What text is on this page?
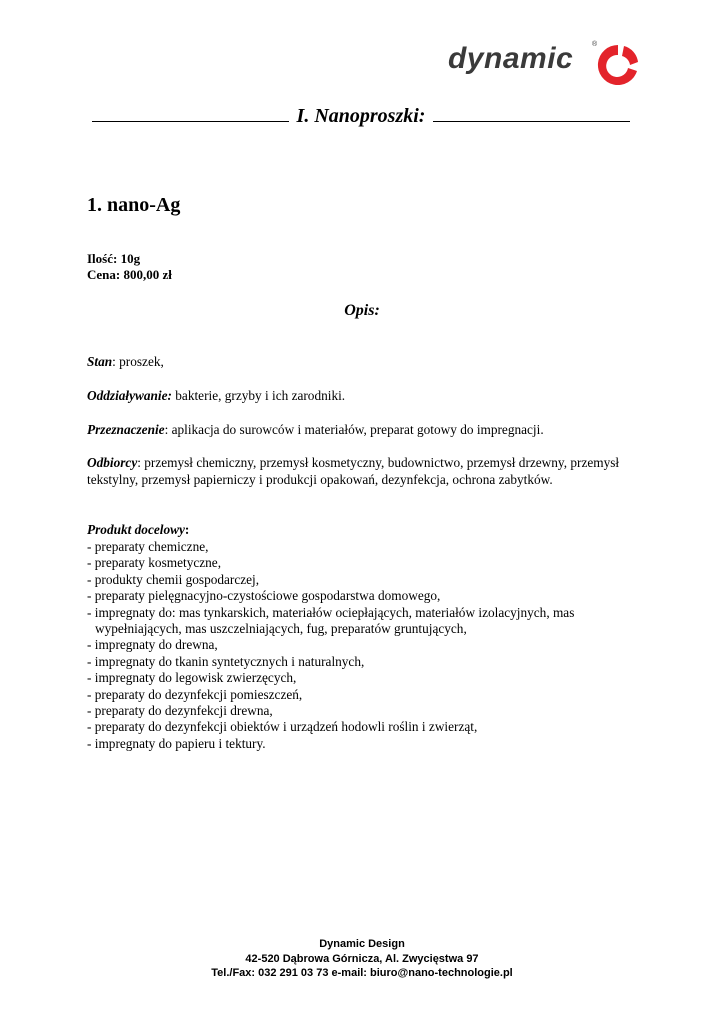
dynamic	®
I. Nanoproszki:
1. nano-Ag
Ilość: 10g
Cena: 800,00 zł
Opis:
Stan: proszek,
Oddziaływanie: bakterie, grzyby i ich zarodniki.
Przeznaczenie: aplikacja do surowców i materiałów, preparat gotowy do impregnacji.
Odbiorcy: przemysł chemiczny, przemysł kosmetyczny, budownictwo, przemysł drzewny, przemysł tekstylny, przemysł papierniczy i produkcji opakowań, dezynfekcja, ochrona zabytków.
Produkt docelowy:
- preparaty chemiczne,
- preparaty kosmetyczne,
- produkty chemii gospodarczej,
- preparaty pielęgnacyjno-czystościowe gospodarstwa domowego,
- impregnaty do: mas tynkarskich, materiałów ociepłających, materiałów izolacyjnych, mas wypełniających, mas uszczelniających, fug, preparatów gruntujących,
- impregnaty do drewna,
- impregnaty do tkanin syntetycznych i naturalnych,
- impregnaty do legowisk zwierzęcych,
- preparaty do dezynfekcji pomieszczeń,
- preparaty do dezynfekcji drewna,
- preparaty do dezynfekcji obiektów i urządzeń hodowli roślin i zwierząt,
- impregnaty do papieru i tektury.
Dynamic Design
42-520 Dąbrowa Górnicza, Al. Zwycięstwa 97
Tel./Fax: 032 291 03 73 e-mail: biuro@nano-technologie.pl
